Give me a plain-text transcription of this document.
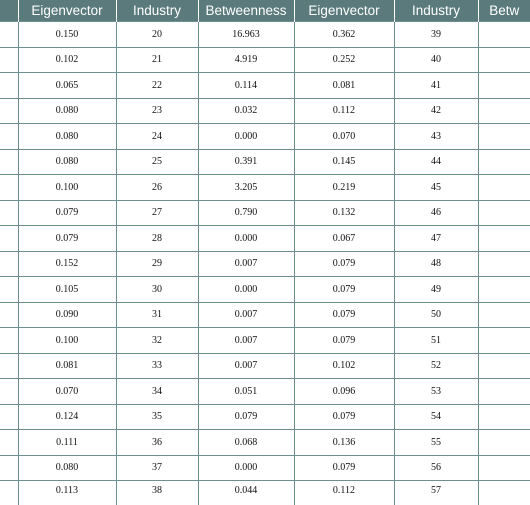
	Eigenvector	Industry	Betweenness	Eigenvector	Industry	Betw
	0.150	20	16.963	0.362	39	
	0.102	21	4.919	0.252	40	
	0.065	22	0.114	0.081	41	
	0.080	23	0.032	0.112	42	
	0.080	24	0.000	0.070	43	
	0.080	25	0.391	0.145	44	
	0.100	26	3.205	0.219	45	
	0.079	27	0.790	0.132	46	
	0.079	28	0.000	0.067	47	
	0.152	29	0.007	0.079	48	
	0.105	30	0.000	0.079	49	
	0.090	31	0.007	0.079	50	
	0.100	32	0.007	0.079	51	
	0.081	33	0.007	0.102	52	
	0.070	34	0.051	0.096	53	
	0.124	35	0.079	0.079	54	
	0.111	36	0.068	0.136	55	
	0.080	37	0.000	0.079	56	
	0.113	38	0.044	0.112	57	
